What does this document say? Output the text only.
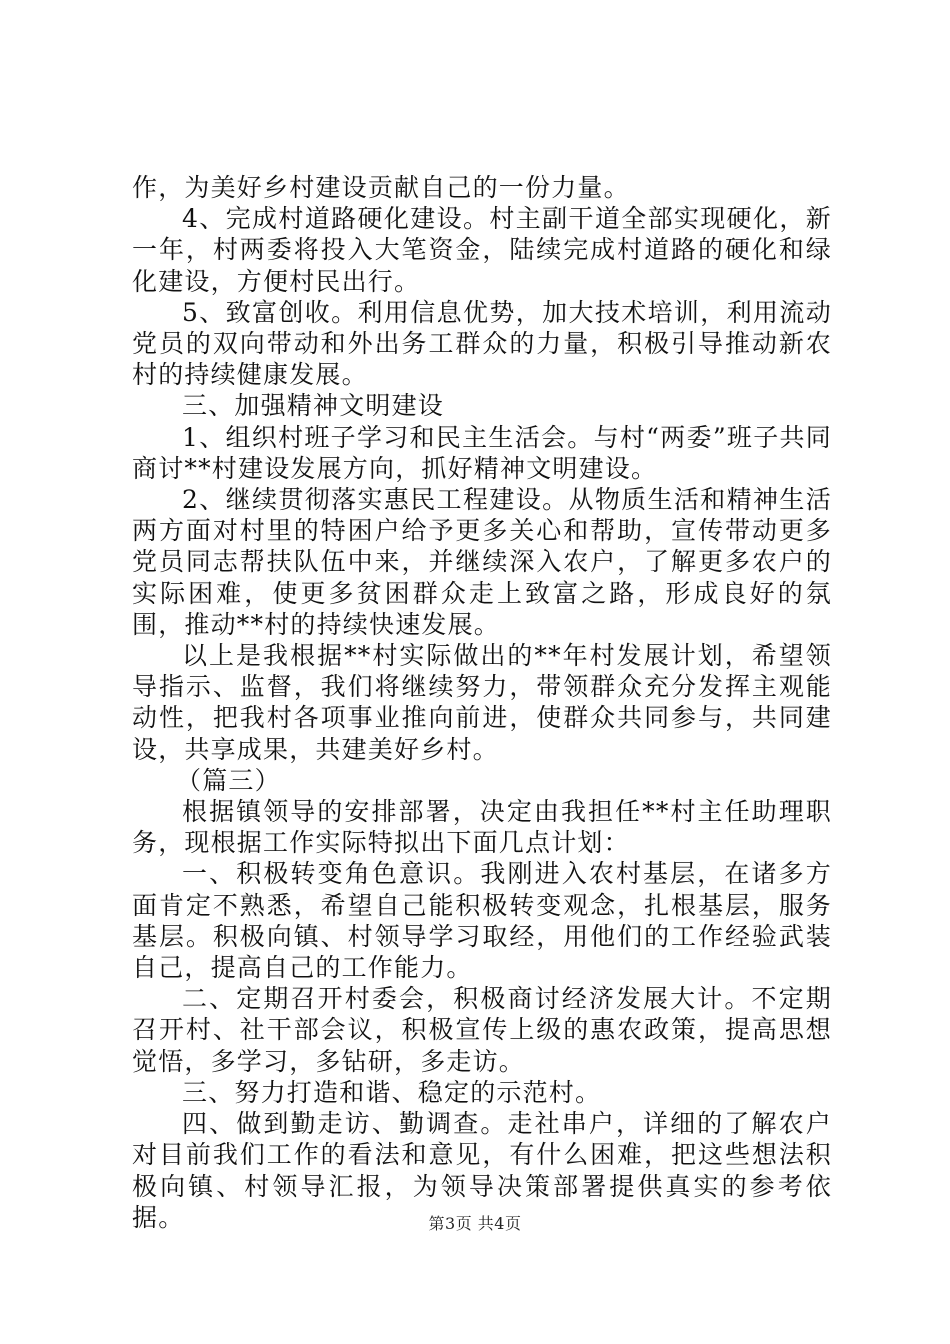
作，为美好乡村建设贡献自己的一份力量。

4、完成村道路硬化建设。村主副干道全部实现硬化，新一年，村两委将投入大笔资金，陆续完成村道路的硬化和绿化建设，方便村民出行。

5、致富创收。利用信息优势，加大技术培训，利用流动党员的双向带动和外出务工群众的力量，积极引导推动新农村的持续健康发展。

三、加强精神文明建设

1、组织村班子学习和民主生活会。与村“两委”班子共同商讨**村建设发展方向，抓好精神文明建设。

2、继续贯彻落实惠民工程建设。从物质生活和精神生活两方面对村里的特困户给予更多关心和帮助，宣传带动更多党员同志帮扶队伍中来，并继续深入农户，了解更多农户的实际困难，使更多贫困群众走上致富之路，形成良好的氛围，推动**村的持续快速发展。

以上是我根据**村实际做出的**年村发展计划，希望领导指示、监督，我们将继续努力，带领群众充分发挥主观能动性，把我村各项事业推向前进，使群众共同参与，共同建设，共享成果，共建美好乡村。

（篇三）

根据镇领导的安排部署，决定由我担任**村主任助理职务，现根据工作实际特拟出下面几点计划：

一、积极转变角色意识。我刚进入农村基层，在诸多方面肯定不熟悉，希望自己能积极转变观念，扎根基层，服务基层。积极向镇、村领导学习取经，用他们的工作经验武装自己，提高自己的工作能力。

二、定期召开村委会，积极商讨经济发展大计。不定期召开村、社干部会议，积极宣传上级的惠农政策，提高思想觉悟，多学习，多钻研，多走访。

三、努力打造和谐、稳定的示范村。

四、做到勤走访、勤调查。走社串户，详细的了解农户对目前我们工作的看法和意见，有什么困难，把这些想法积极向镇、村领导汇报，为领导决策部署提供真实的参考依据。	第3页 共4页
